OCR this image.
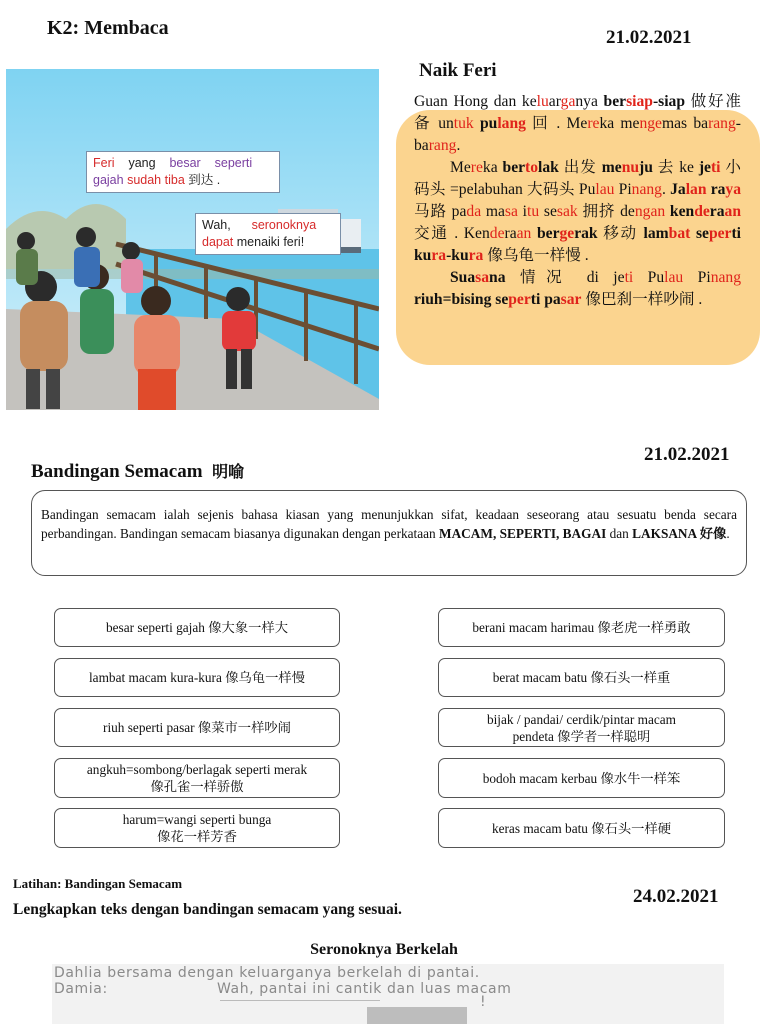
K2: Membaca	21.02.2021
Feri yang besar seperti gajah sudah tiba 到达 .
Wah, seronoknya dapat menaiki feri!
Naik Feri

Guan Hong dan keluarganya bersiap-siap 做好准备 untuk pulang 回 . Mereka mengemas barang-barang.

Mereka bertolak 出发 menuju 去 ke jeti 小码头 =pelabuhan 大码头 Pulau Pinang. Jalan raya 马路 pada masa itu sesak 拥挤 dengan kenderaan 交通 . Kenderaan bergerak 移动 lambat seperti kura-kura 像乌龟一样慢 .

Suasana 情况 di jeti Pulau Pinang riuh=bising seperti pasar 像巴刹一样吵闹 .

Bandingan Semacam 明喻
21.02.2021
Bandingan semacam ialah sejenis bahasa kiasan yang menunjukkan sifat, keadaan seseorang atau sesuatu benda secara perbandingan. Bandingan semacam biasanya digunakan dengan perkataan MACAM, SEPERTI, BAGAI dan LAKSANA 好像.
besar seperti gajah 像大象一样大
lambat macam kura-kura 像乌龟一样慢
riuh seperti pasar 像菜市一样吵闹
angkuh=sombong/berlagak seperti merak
像孔雀一样骄傲
harum=wangi seperti bunga
像花一样芳香
berani macam harimau 像老虎一样勇敢
berat macam batu 像石头一样重
bijak / pandai/ cerdik/pintar macam
pendeta 像学者一样聪明
bodoh macam kerbau 像水牛一样笨
keras macam batu 像石头一样硬
Latihan: Bandingan Semacam
Lengkapkan teks dengan bandingan semacam yang sesuai.
24.02.2021
Seronoknya Berkelah
Dahlia bersama dengan keluarganya berkelah di pantai.
Damia:	Wah, pantai ini cantik dan luas macam
!
